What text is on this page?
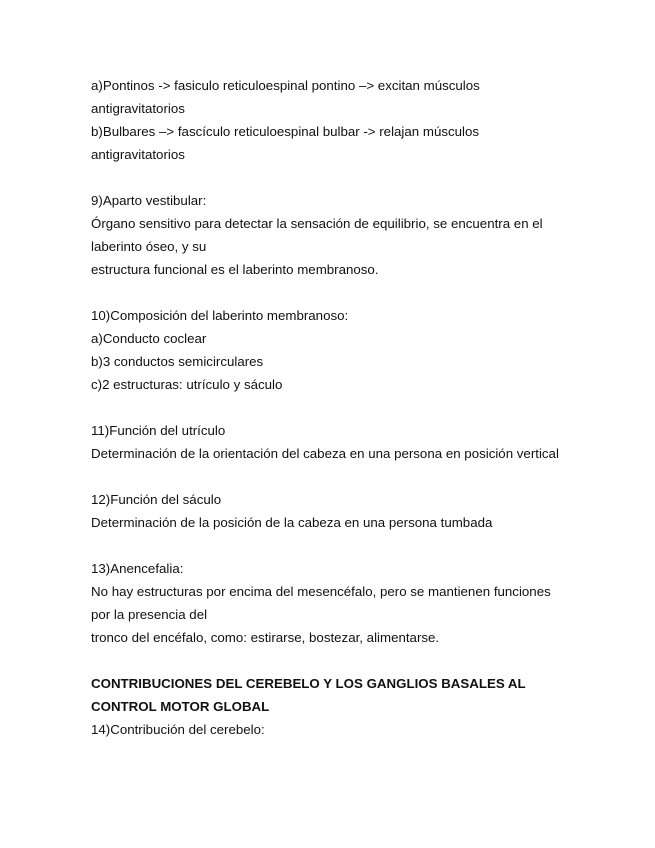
a)Pontinos -> fasiculo reticuloespinal pontino –> excitan músculos
antigravitatorios
b)Bulbares –> fascículo reticuloespinal bulbar -> relajan músculos
antigravitatorios
9)Aparto vestibular:
Órgano sensitivo para detectar la sensación de equilibrio, se encuentra en el
laberinto óseo, y su
estructura funcional es el laberinto membranoso.
10)Composición del laberinto membranoso:
a)Conducto coclear
b)3 conductos semicirculares
c)2 estructuras: utrículo y sáculo
11)Función del utrículo
Determinación de la orientación del cabeza en una persona en posición vertical
12)Función del sáculo
Determinación de la posición de la cabeza en una persona tumbada
13)Anencefalia:
No hay estructuras por encima del mesencéfalo, pero se mantienen funciones
por la presencia del
tronco del encéfalo, como: estirarse, bostezar, alimentarse.
CONTRIBUCIONES DEL CEREBELO Y LOS GANGLIOS BASALES AL
CONTROL MOTOR GLOBAL
14)Contribución del cerebelo:
